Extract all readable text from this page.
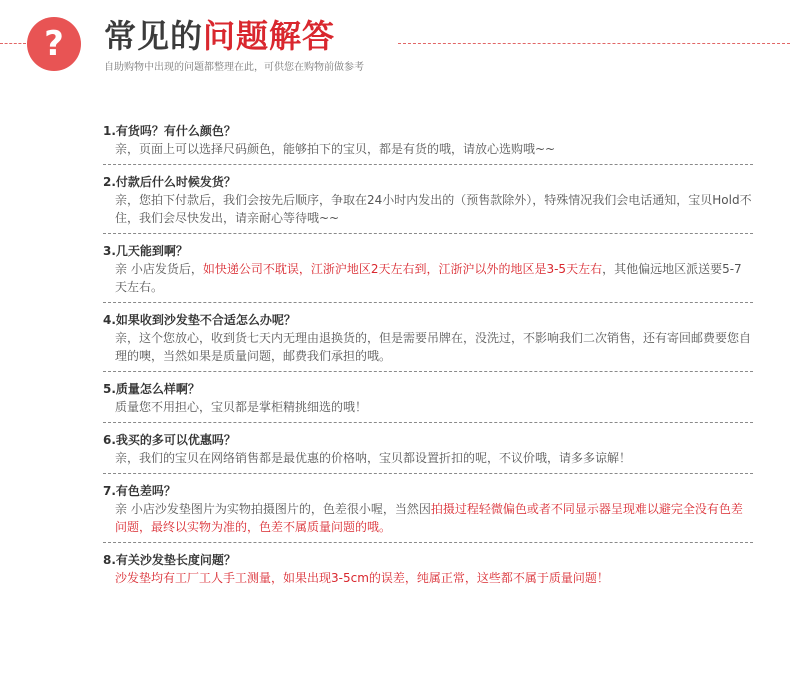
?	常见的问题解答
自助购物中出现的问题都整理在此，可供您在购物前做参考
1.有货吗？有什么颜色？
亲，页面上可以选择尺码颜色，能够拍下的宝贝，都是有货的哦，请放心选购哦~~
2.付款后什么时候发货？
亲，您拍下付款后，我们会按先后顺序，争取在24小时内发出的（预售款除外），特殊情况我们会电话通知，宝贝Hold不住，我们会尽快发出，请亲耐心等待哦~~
3.几天能到啊？
亲 小店发货后，如快递公司不耽误，江浙沪地区2天左右到，江浙沪以外的地区是3-5天左右，其他偏远地区派送要5-7天左右。
4.如果收到沙发垫不合适怎么办呢？
亲，这个您放心，收到货七天内无理由退换货的，但是需要吊牌在，没洗过，不影响我们二次销售，还有寄回邮费要您自理的噢，当然如果是质量问题，邮费我们承担的哦。
5.质量怎么样啊？
质量您不用担心，宝贝都是掌柜精挑细选的哦！
6.我买的多可以优惠吗？
亲，我们的宝贝在网络销售都是最优惠的价格呐，宝贝都设置折扣的呢，不议价哦，请多多谅解！
7.有色差吗？
亲 小店沙发垫图片为实物拍摄图片的，色差很小喔，当然因拍摄过程轻微偏色或者不同显示器呈现难以避完全没有色差问题，最终以实物为准的，色差不属质量问题的哦。
8.有关沙发垫长度问题？
沙发垫均有工厂工人手工测量，如果出现3-5cm的误差，纯属正常，这些都不属于质量问题！
